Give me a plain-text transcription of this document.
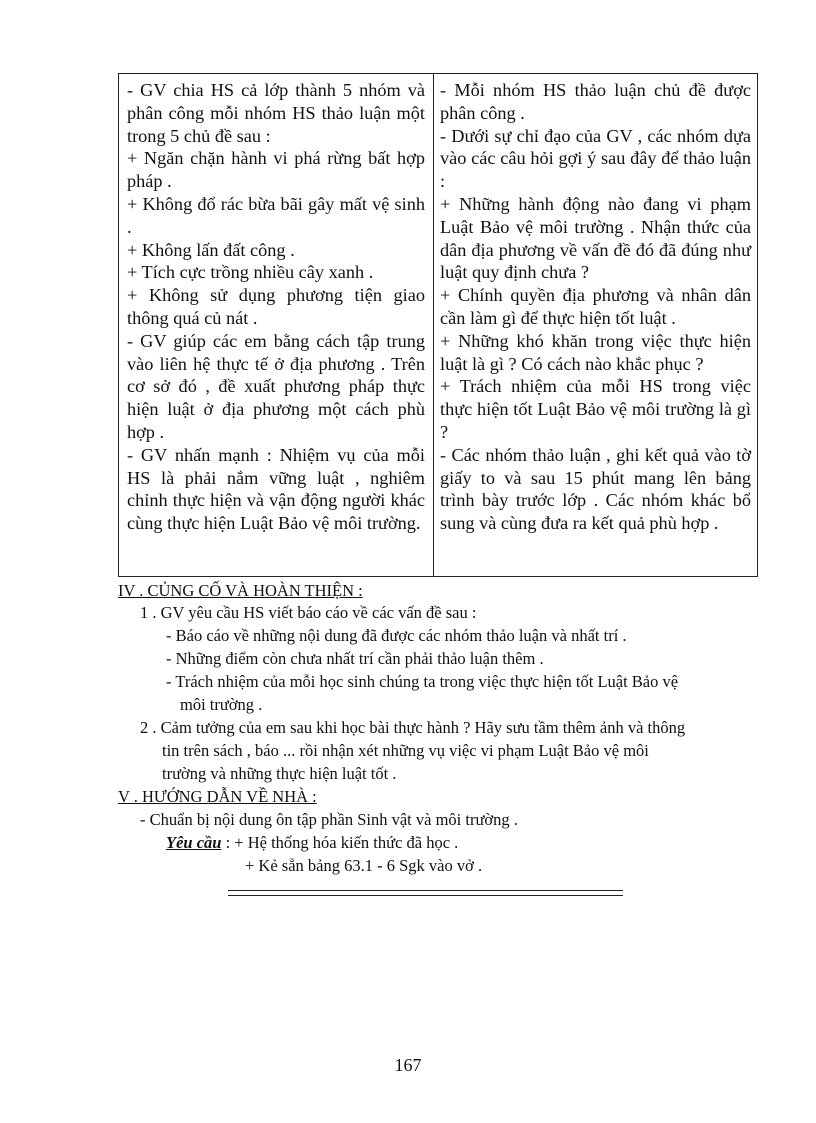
- GV chia HS cả lớp thành 5 nhóm và phân công mỗi nhóm HS thảo luận một trong 5 chủ đề sau :

+ Ngăn chặn hành vi phá rừng bất hợp pháp .

+ Không đổ rác bừa bãi gây mất vệ sinh .

+ Không lấn đất công .

+ Tích cực trồng nhiều cây xanh .

+ Không sử dụng phương tiện giao thông quá củ nát .

- GV giúp các em bằng cách tập trung vào liên hệ thực tế ở địa phương . Trên cơ sở đó , đề xuất phương pháp thực hiện luật ở địa phương một cách phù hợp .

- GV nhấn mạnh : Nhiệm vụ của mỗi HS là phải nắm vững luật , nghiêm chỉnh thực hiện và vận động người khác cùng thực hiện Luật Bảo vệ môi trường.

- Mỗi nhóm HS thảo luận chủ đề được phân công .

- Dưới sự chỉ đạo của GV , các nhóm dựa vào các câu hỏi gợi ý sau đây để thảo luận :

+ Những hành động nào đang vi phạm Luật Bảo vệ môi trường . Nhận thức của dân địa phương về vấn đề đó đã đúng như luật quy định chưa ?

+ Chính quyền địa phương và nhân dân cần làm gì để thực hiện tốt luật .

+ Những khó khăn trong việc thực hiện luật là gì ? Có cách nào khắc phục ?

+ Trách nhiệm của mỗi HS trong việc thực hiện tốt Luật Bảo vệ môi trường là gì ?

- Các nhóm thảo luận , ghi kết quả vào tờ giấy to và sau 15 phút mang lên bảng trình bày trước lớp . Các nhóm khác bổ sung và cùng đưa ra kết quả phù hợp .

IV . CỦNG CỐ VÀ HOÀN THIỆN :
1 . GV yêu cầu HS viết báo cáo về các vấn đề sau :
- Báo cáo về những nội dung đã được các nhóm thảo luận và nhất trí .
- Những điểm còn chưa nhất trí cần phải thảo luận thêm .
- Trách nhiệm của mỗi học sinh chúng ta trong việc thực hiện tốt Luật Bảo vệ
môi trường .
2 . Cảm tưởng của em sau khi học bài thực hành ? Hãy sưu tầm thêm ảnh và thông
tin trên sách , báo ... rồi nhận xét những vụ việc vi phạm Luật Bảo vệ môi
trường và những thực hiện luật tốt .
V . HƯỚNG DẪN VỀ NHÀ :
- Chuẩn bị nội dung ôn tập phần Sinh vật và môi trường .
Yêu cầu : + Hệ thống hóa kiến thức đã học .
+ Kẻ sẵn bảng 63.1 - 6 Sgk vào vở .
167
